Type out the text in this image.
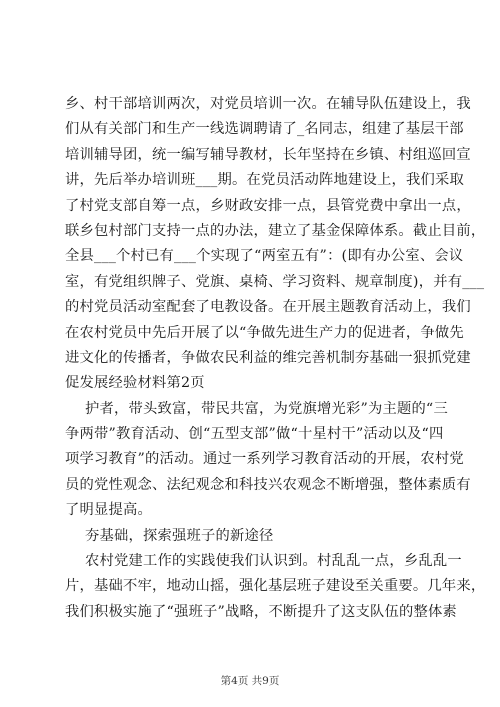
乡、村干部培训两次，对党员培训一次。在辅导队伍建设上，我
们从有关部门和生产一线选调聘请了_名同志，组建了基层干部
培训辅导团，统一编写辅导教材，长年坚持在乡镇、村组巡回宣
讲，先后举办培训班___期。在党员活动阵地建设上，我们采取
了村党支部自筹一点，乡财政安排一点，县管党费中拿出一点，
联乡包村部门支持一点的办法，建立了基金保障体系。截止目前，
全县___个村已有___个实现了“两室五有”：(即有办公室、会议
室，有党组织牌子、党旗、桌椅、学习资料、规章制度)，并有___
的村党员活动室配套了电教设备。在开展主题教育活动上，我们
在农村党员中先后开展了以“争做先进生产力的促进者，争做先
进文化的传播者，争做农民利益的维完善机制夯基础一狠抓党建
促发展经验材料第2页
护者，带头致富，带民共富，为党旗增光彩”为主题的“三
争两带”教育活动、创“五型支部”做“十星村干”活动以及“四
项学习教育”的活动。通过一系列学习教育活动的开展，农村党
员的党性观念、法纪观念和科技兴农观念不断增强，整体素质有
了明显提高。
夯基础，探索强班子的新途径
农村党建工作的实践使我们认识到。村乱乱一点，乡乱乱一
片，基础不牢，地动山摇，强化基层班子建设至关重要。几年来，
我们积极实施了“强班子”战略，不断提升了这支队伍的整体素
第4页 共9页
